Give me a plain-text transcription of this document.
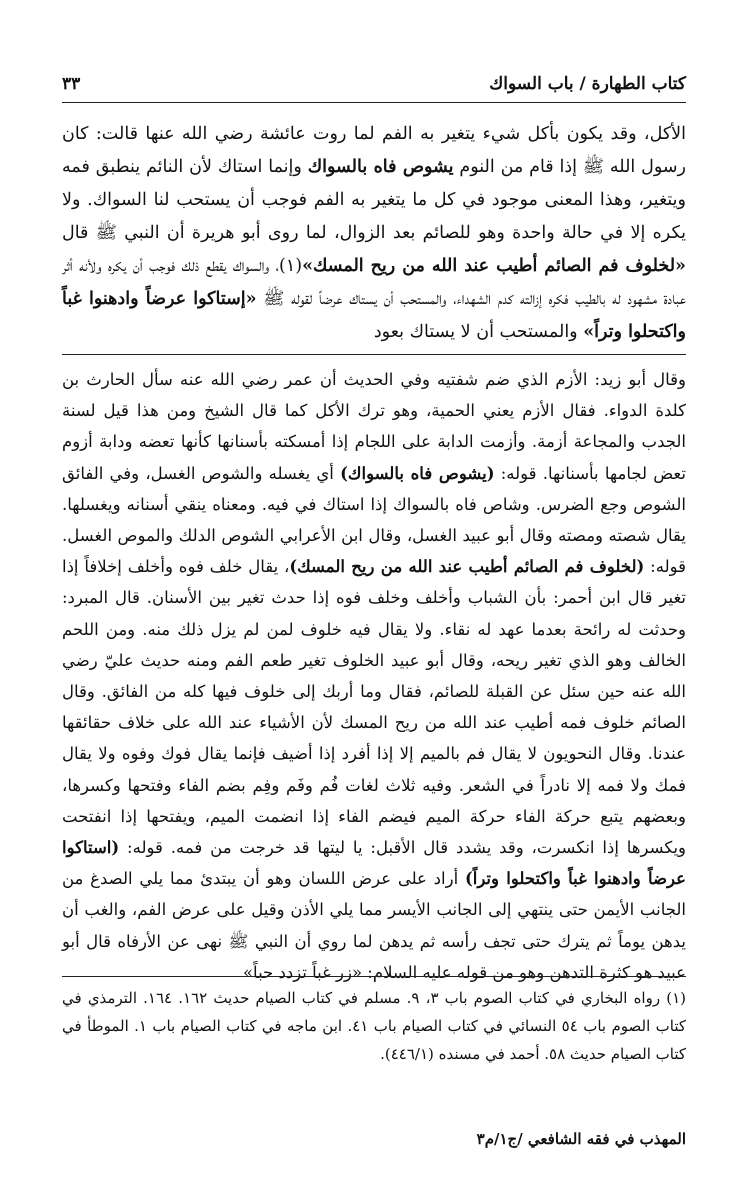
كتاب الطهارة / باب السواك
٣٣

الأكل، وقد يكون بأكل شيء يتغير به الفم لما روت عائشة رضي الله عنها قالت: كان رسول الله ﷺ إذا قام من النوم يشوص فاه بالسواك وإنما استاك لأن النائم ينطبق فمه ويتغير، وهذا المعنى موجود في كل ما يتغير به الفم فوجب أن يستحب لنا السواك. ولا يكره إلا في حالة واحدة وهو للصائم بعد الزوال، لما روى أبو هريرة أن النبي ﷺ قال «لخلوف فم الصائم أطيب عند الله من ريح المسك»(١)، والسواك يقطع ذلك فوجب أن يكره ولأنه أثر عبادة مشهود له بالطيب فكره إزالته كدم الشهداء، والمستحب أن يستاك عرضاً لقوله ﷺ «إستاكوا عرضاً وادهنوا غباً واكتحلوا وتراً» والمستحب أن لا يستاك بعود

وقال أبو زيد: الأزم الذي ضم شفتيه وفي الحديث أن عمر رضي الله عنه سأل الحارث بن كلدة الدواء. فقال الأزم يعني الحمية، وهو ترك الأكل كما قال الشيخ ومن هذا قيل لسنة الجدب والمجاعة أزمة. وأزمت الدابة على اللجام إذا أمسكته بأسنانها كأنها تعضه ودابة أزوم تعض لجامها بأسنانها. قوله: (يشوص فاه بالسواك) أي يغسله والشوص الغسل، وفي الفائق الشوص وجع الضرس. وشاص فاه بالسواك إذا استاك في فيه. ومعناه ينقي أسنانه ويغسلها. يقال شصته ومصته وقال أبو عبيد الغسل، وقال ابن الأعرابي الشوص الدلك والموص الغسل. قوله: (لخلوف فم الصائم أطيب عند الله من ريح المسك)، يقال خلف فوه وأخلف إخلافاً إذا تغير قال ابن أحمر: بأن الشباب وأخلف وخلف فوه إذا حدث تغير بين الأسنان. قال المبرد: وحدثت له رائحة بعدما عهد له نقاء. ولا يقال فيه خلوف لمن لم يزل ذلك منه. ومن اللحم الخالف وهو الذي تغير ريحه، وقال أبو عبيد الخلوف تغير طعم الفم ومنه حديث عليّ رضي الله عنه حين سئل عن القبلة للصائم، فقال وما أربك إلى خلوف فيها كله من الفائق. وقال الصائم خلوف فمه أطيب عند الله من ريح المسك لأن الأشياء عند الله على خلاف حقائقها عندنا. وقال النحويون لا يقال فم بالميم إلا إذا أفرد إذا أضيف فإنما يقال فوك وفوه ولا يقال فمك ولا فمه إلا نادراً في الشعر. وفيه ثلاث لغات فُم وفَم وفِم بضم الفاء وفتحها وكسرها، وبعضهم يتبع حركة الفاء حركة الميم فيضم الفاء إذا انضمت الميم، ويفتحها إذا انفتحت ويكسرها إذا انكسرت، وقد يشدد قال الأقبل: يا ليتها قد خرجت من فمه. قوله: (استاكوا عرضاً وادهنوا غباً واكتحلوا وتراً) أراد على عرض اللسان وهو أن يبتدئ مما يلي الصدغ من الجانب الأيمن حتى ينتهي إلى الجانب الأيسر مما يلي الأذن وقيل على عرض الفم، والغب أن يدهن يوماً ثم يترك حتى تجف رأسه ثم يدهن لما روي أن النبي ﷺ نهى عن الأرفاه قال أبو عبيد هو كثرة التدهن وهو من قوله عليه السلام: «زر غباً تزدد حباً»

(١) رواه البخاري في كتاب الصوم باب ٣، ٩. مسلم في كتاب الصيام حديث ١٦٢. ١٦٤. الترمذي في كتاب الصوم باب ٥٤ النسائي في كتاب الصيام باب ٤١. ابن ماجه في كتاب الصيام باب ١. الموطأ في كتاب الصيام حديث ٥٨. أحمد في مسنده (٤٤٦/١).

المهذب في فقه الشافعي /ج١/م٣
